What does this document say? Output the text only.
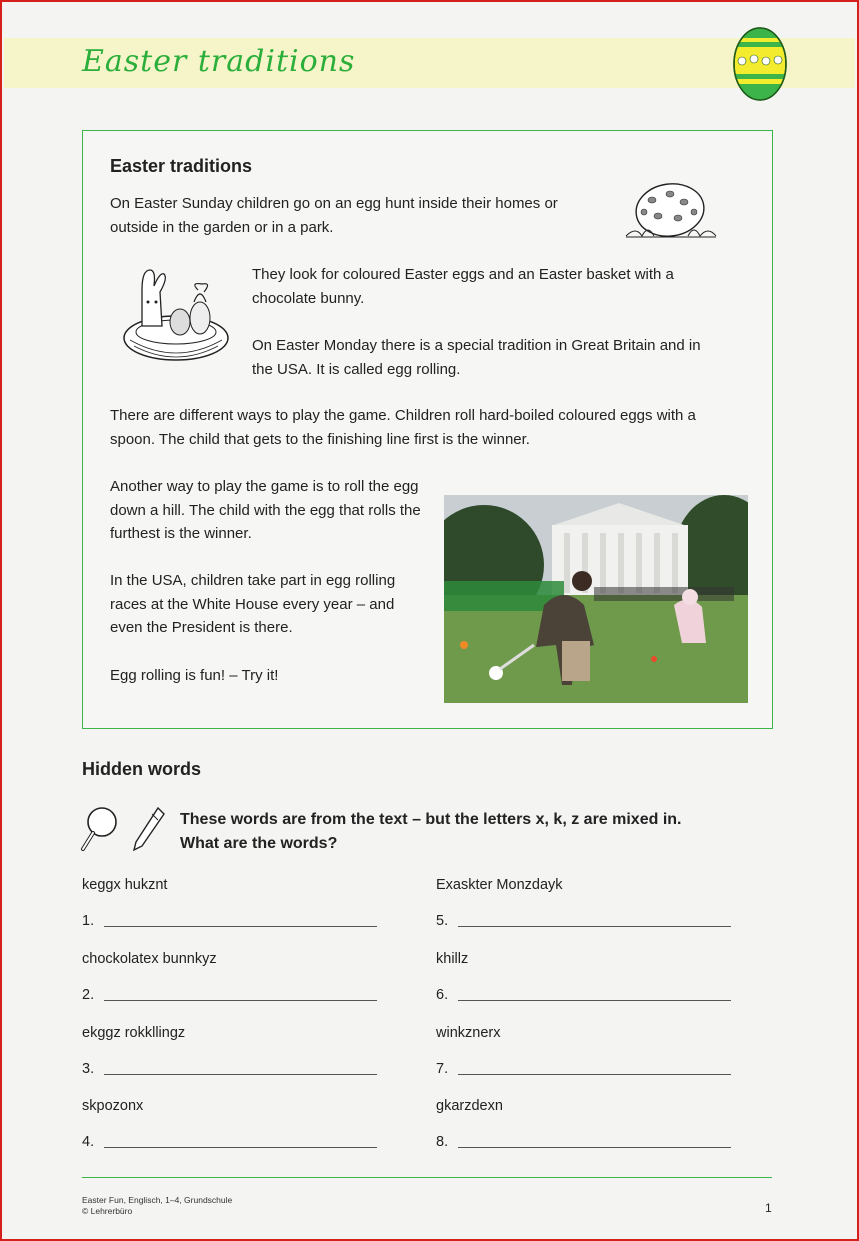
Easter traditions
Easter traditions

On Easter Sunday children go on an egg hunt inside their homes or outside in the garden or in a park.

They look for coloured Easter eggs and an Easter basket with a chocolate bunny.

On Easter Monday there is a special tradition in Great Britain and in the USA. It is called egg rolling.

There are different ways to play the game. Children roll hard-boiled coloured eggs with a spoon. The child that gets to the finishing line first is the winner.

Another way to play the game is to roll the egg down a hill. The child with the egg that rolls the furthest is the winner.

In the USA, children take part in egg rolling races at the White House every year – and even the President is there.

Egg rolling is fun! – Try it!

Hidden words

These words are from the text – but the letters x, k, z are mixed in.
What are the words?

keggx hukznt

1.

chockolatex bunnkyz

2.

ekggz rokkllingz

3.

skpozonx

4.

Exaskter Monzdayk

5.

khillz

6.

winkznerx

7.

gkarzdexn

8.
Easter Fun, Englisch, 1–4, Grundschule
© Lehrerbüro	1
